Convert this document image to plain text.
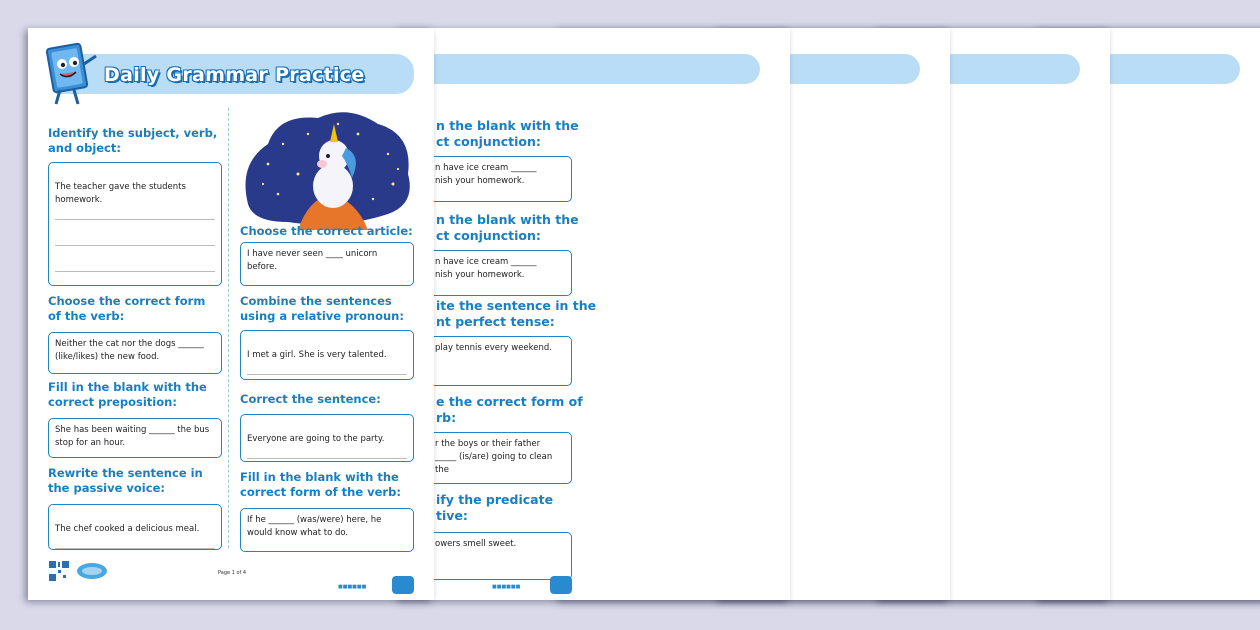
n the blank with the
ct conjunction:
n have ice cream ______
nish your homework.
n the blank with the
ct conjunction:
n have ice cream ______
nish your homework.
ite the sentence in the
nt perfect tense:
play tennis every weekend.
e the correct form of
rb:
r the boys or their father
_____ (is/are) going to clean the
ify the predicate
tive:
owers smell sweet.
■■■■■■
Daily Grammar Practice
Identify the subject, verb, and object:

The teacher gave the students homework.

Choose the correct form of the verb:
Neither the cat nor the dogs ______ (like/likes) the new food.
Fill in the blank with the correct preposition:
She has been waiting ______ the bus stop for an hour.
Rewrite the sentence in the passive voice:

The chef cooked a delicious meal.

Choose the correct article:
I have never seen ____ unicorn before.
Combine the sentences using a relative pronoun:

I met a girl. She is very talented.

Correct the sentence:

Everyone are going to the party.

Fill in the blank with the correct form of the verb:
If he ______ (was/were) here, he would know what to do.
Page 1 of 4
■■■■■■
